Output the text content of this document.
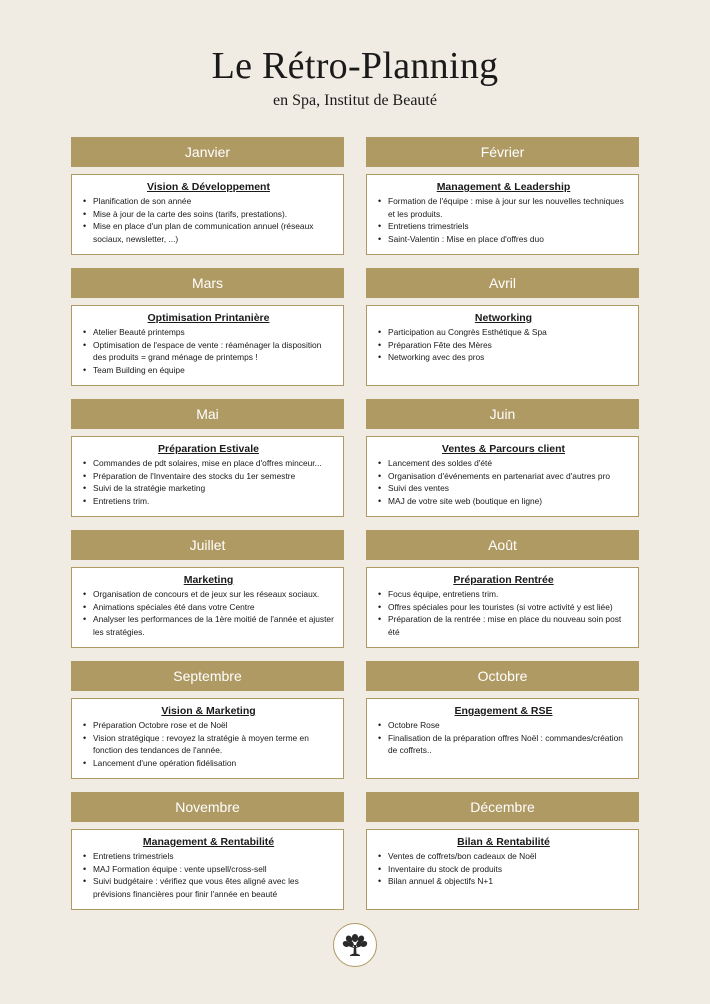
Le Rétro-Planning
en Spa, Institut de Beauté
Janvier
Vision & Développement
• Planification de son année
• Mise à jour de la carte des soins (tarifs, prestations).
• Mise en place d'un plan de communication annuel (réseaux sociaux, newsletter, ...)
Février
Management & Leadership
• Formation de l'équipe : mise à jour sur les nouvelles techniques et les produits.
• Entretiens trimestriels
• Saint-Valentin : Mise en place d'offres duo
Mars
Optimisation Printanière
• Atelier Beauté printemps
• Optimisation de l'espace de vente : réaménager la disposition des produits = grand ménage de printemps !
• Team Building en équipe
Avril
Networking
• Participation au Congrès Esthétique & Spa
• Préparation Fête des Mères
• Networking avec des pros
Mai
Préparation Estivale
• Commandes de pdt solaires, mise en place d'offres minceur...
• Préparation de l'Inventaire des stocks du 1er semestre
• Suivi de la stratégie marketing
• Entretiens trim.
Juin
Ventes & Parcours client
• Lancement des soldes d'été
• Organisation d'événements en partenariat avec d'autres pro
• Suivi des ventes
• MAJ de votre site web (boutique en ligne)
Juillet
Marketing
• Organisation de concours et de jeux sur les réseaux sociaux.
• Animations spéciales été dans votre Centre
• Analyser les performances de la 1ère moitié de l'année et ajuster les stratégies.
Août
Préparation Rentrée
• Focus équipe, entretiens trim.
• Offres spéciales pour les touristes (si votre activité y est liée)
• Préparation de la rentrée : mise en place du nouveau soin post été
Septembre
Vision & Marketing
• Préparation Octobre rose et de Noël
• Vision stratégique : revoyez la stratégie à moyen terme en fonction des tendances de l'année.
• Lancement d'une opération fidélisation
Octobre
Engagement & RSE
• Octobre Rose
• Finalisation de la préparation offres Noël : commandes/création de coffrets..
Novembre
Management & Rentabilité
• Entretiens trimestriels
• MAJ Formation équipe : vente upsell/cross-sell
• Suivi budgétaire : vérifiez que vous êtes aligné avec les prévisions financières pour finir l'année en beauté
Décembre
Bilan & Rentabilité
• Ventes de coffrets/bon cadeaux de Noël
• Inventaire du stock de produits
• Bilan annuel & objectifs N+1
